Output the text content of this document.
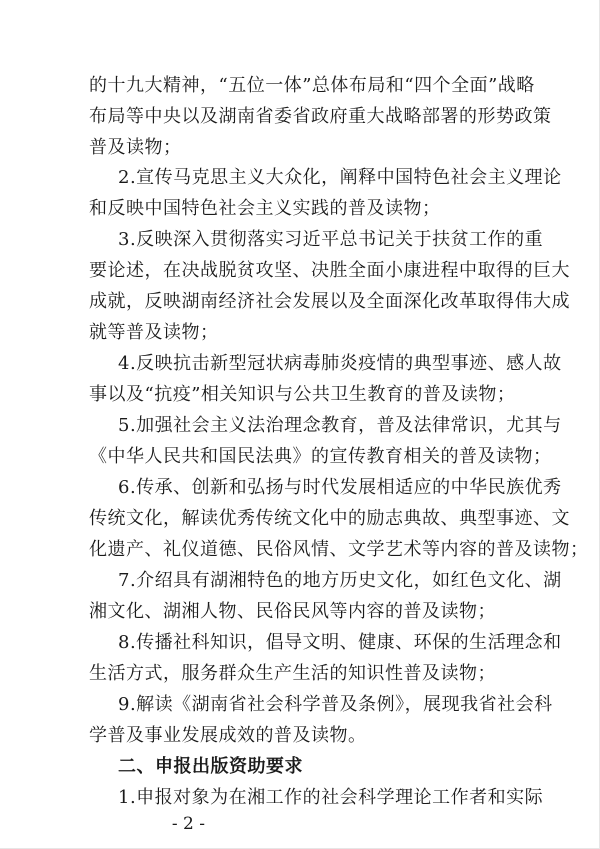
的十九大精神，“五位一体”总体布局和“四个全面”战略
布局等中央以及湖南省委省政府重大战略部署的形势政策
普及读物；
2.宣传马克思主义大众化，阐释中国特色社会主义理论
和反映中国特色社会主义实践的普及读物；
3.反映深入贯彻落实习近平总书记关于扶贫工作的重
要论述，在决战脱贫攻坚、决胜全面小康进程中取得的巨大
成就，反映湖南经济社会发展以及全面深化改革取得伟大成
就等普及读物；
4.反映抗击新型冠状病毒肺炎疫情的典型事迹、感人故
事以及“抗疫”相关知识与公共卫生教育的普及读物；
5.加强社会主义法治理念教育，普及法律常识，尤其与
《中华人民共和国民法典》的宣传教育相关的普及读物；
6.传承、创新和弘扬与时代发展相适应的中华民族优秀
传统文化，解读优秀传统文化中的励志典故、典型事迹、文
化遗产、礼仪道德、民俗风情、文学艺术等内容的普及读物；
7.介绍具有湖湘特色的地方历史文化，如红色文化、湖
湘文化、湖湘人物、民俗民风等内容的普及读物；
8.传播社科知识，倡导文明、健康、环保的生活理念和
生活方式，服务群众生产生活的知识性普及读物；
9.解读《湖南省社会科学普及条例》，展现我省社会科
学普及事业发展成效的普及读物。
二、申报出版资助要求
1.申报对象为在湘工作的社会科学理论工作者和实际
- 2 -
